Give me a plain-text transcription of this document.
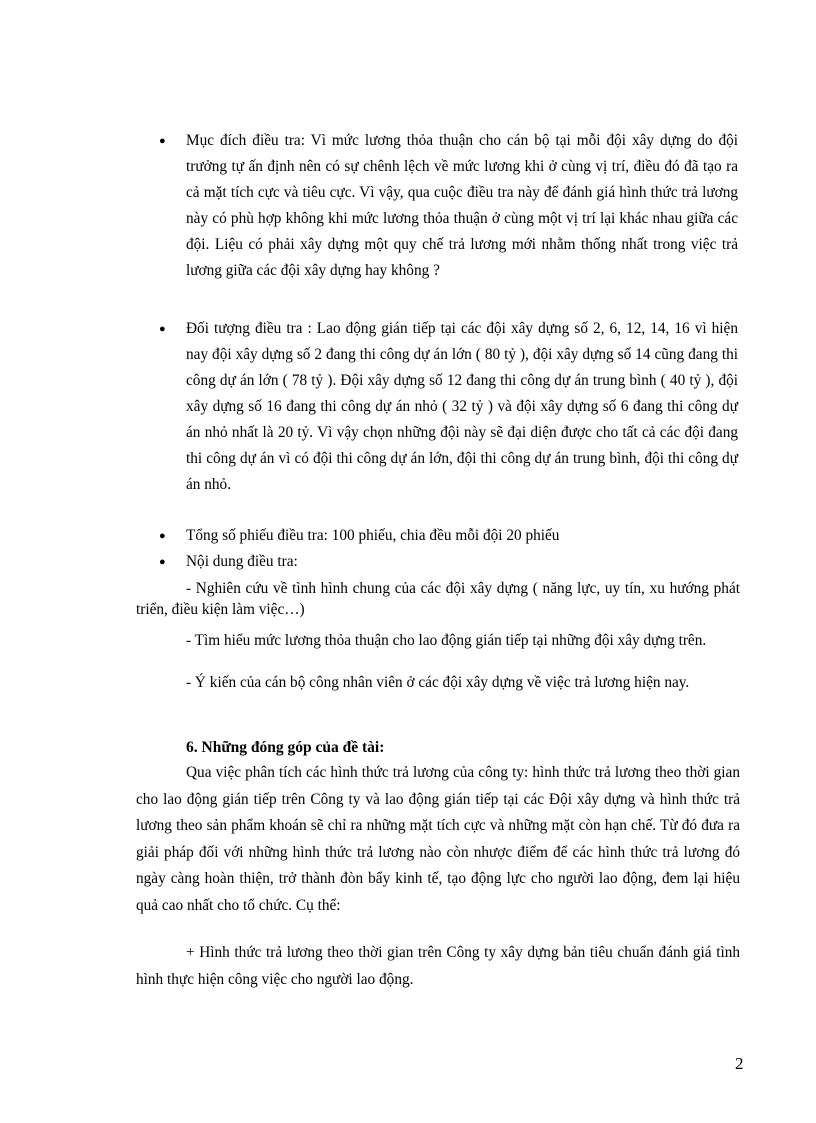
● Mục đích điều tra: Vì mức lương thỏa thuận cho cán bộ tại mỗi đội xây dựng do đội trưởng tự ấn định nên có sự chênh lệch về mức lương khi ở cùng vị trí, điều đó đã tạo ra cả mặt tích cực và tiêu cực. Vì vậy, qua cuộc điều tra này để đánh giá hình thức trả lương này có phù hợp không khi mức lương thỏa thuận ở cùng một vị trí lại khác nhau giữa các đội. Liệu có phải xây dựng một quy chế trả lương mới nhằm thống nhất trong việc trả lương giữa các đội xây dựng hay không ?
● Đối tượng điều tra : Lao động gián tiếp tại các đội xây dựng số 2, 6, 12, 14, 16 vì hiện nay đội xây dựng số 2 đang thi công dự án lớn ( 80 tỷ ), đội xây dựng số 14 cũng đang thi công dự án lớn ( 78 tỷ ). Đội xây dựng số 12 đang thi công dự án trung bình ( 40 tỷ ), đội xây dựng số 16 đang thi công dự án nhỏ ( 32 tỷ ) và đội xây dựng số 6 đang thi công dự án nhỏ nhất là 20 tỷ. Vì vậy chọn những đội này sẽ đại diện được cho tất cả các đội đang thi công dự án vì có đội thi công dự án lớn, đội thi công dự án trung bình, đội thi công dự án nhỏ.
● Tổng số phiếu điều tra: 100 phiếu, chia đều mỗi đội 20 phiếu
● Nội dung điều tra:
- Nghiên cứu về tình hình chung của các đội xây dựng ( năng lực, uy tín, xu hướng phát triển, điều kiện làm việc…)
- Tìm hiểu mức lương thỏa thuận cho lao động gián tiếp tại những đội xây dựng trên.
- Ý kiến của cán bộ công nhân viên ở các đội xây dựng về việc trả lương hiện nay.
6. Những đóng góp của đề tài:
Qua việc phân tích các hình thức trả lương của công ty: hình thức trả lương theo thời gian cho lao động gián tiếp trên Công ty và lao động gián tiếp tại các Đội xây dựng và hình thức trả lương theo sản phẩm khoán sẽ chỉ ra những mặt tích cực và những mặt còn hạn chế. Từ đó đưa ra giải pháp đối với những hình thức trả lương nào còn nhược điểm để các hình thức trả lương đó ngày càng hoàn thiện, trở thành đòn bẩy kinh tế, tạo động lực cho người lao động, đem lại hiệu quả cao nhất cho tổ chức. Cụ thể:
+ Hình thức trả lương theo thời gian trên Công ty xây dựng bản tiêu chuẩn đánh giá tình hình thực hiện công việc cho người lao động.
2
